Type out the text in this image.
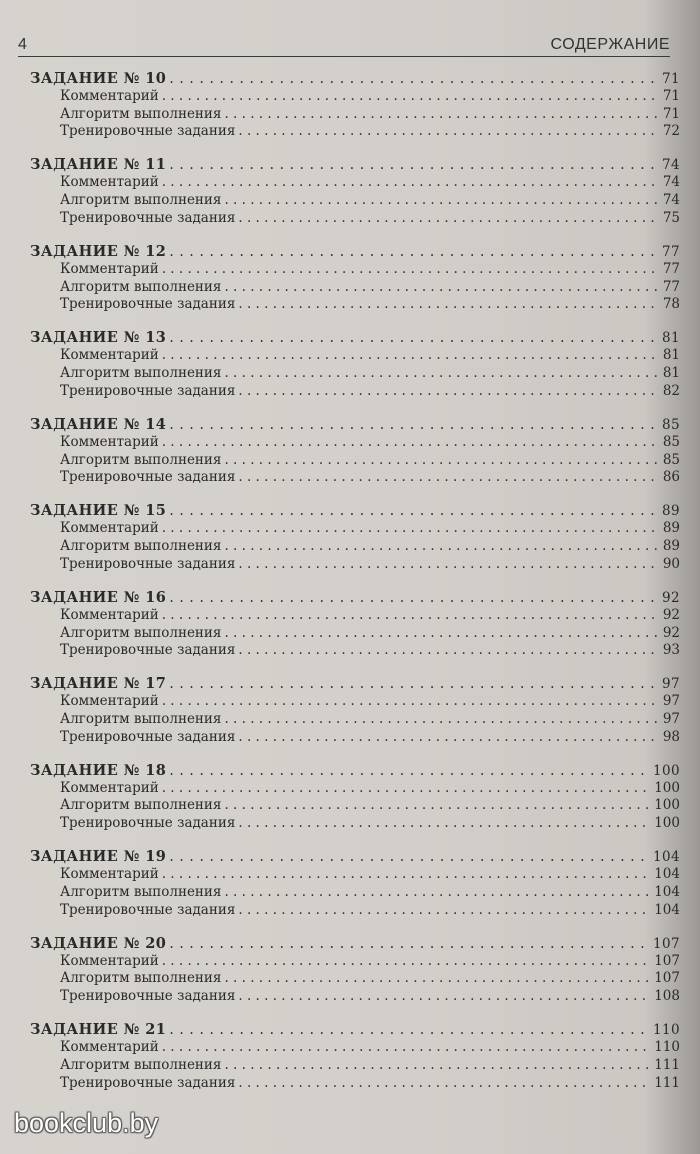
4	СОДЕРЖАНИЕ
ЗАДАНИЕ № 10 . . .	71
Комментарий . . .	71
Алгоритм выполнения . . .	71
Тренировочные задания . . .	72
ЗАДАНИЕ № 11 . . .	74
Комментарий . . .	74
Алгоритм выполнения . . .	74
Тренировочные задания . . .	75
ЗАДАНИЕ № 12 . . .	77
Комментарий . . .	77
Алгоритм выполнения . . .	77
Тренировочные задания . . .	78
ЗАДАНИЕ № 13 . . .	81
Комментарий . . .	81
Алгоритм выполнения . . .	81
Тренировочные задания . . .	82
ЗАДАНИЕ № 14 . . .	85
Комментарий . . .	85
Алгоритм выполнения . . .	85
Тренировочные задания . . .	86
ЗАДАНИЕ № 15 . . .	89
Комментарий . . .	89
Алгоритм выполнения . . .	89
Тренировочные задания . . .	90
ЗАДАНИЕ № 16 . . .	92
Комментарий . . .	92
Алгоритм выполнения . . .	92
Тренировочные задания . . .	93
ЗАДАНИЕ № 17 . . .	97
Комментарий . . .	97
Алгоритм выполнения . . .	97
Тренировочные задания . . .	98
ЗАДАНИЕ № 18 . . .	100
Комментарий . . .	100
Алгоритм выполнения . . .	100
Тренировочные задания . . .	100
ЗАДАНИЕ № 19 . . .	104
Комментарий . . .	104
Алгоритм выполнения . . .	104
Тренировочные задания . . .	104
ЗАДАНИЕ № 20 . . .	107
Комментарий . . .	107
Алгоритм выполнения . . .	107
Тренировочные задания . . .	108
ЗАДАНИЕ № 21 . . .	110
Комментарий . . .	110
Алгоритм выполнения . . .	111
Тренировочные задания . . .	111
bookclub.by
